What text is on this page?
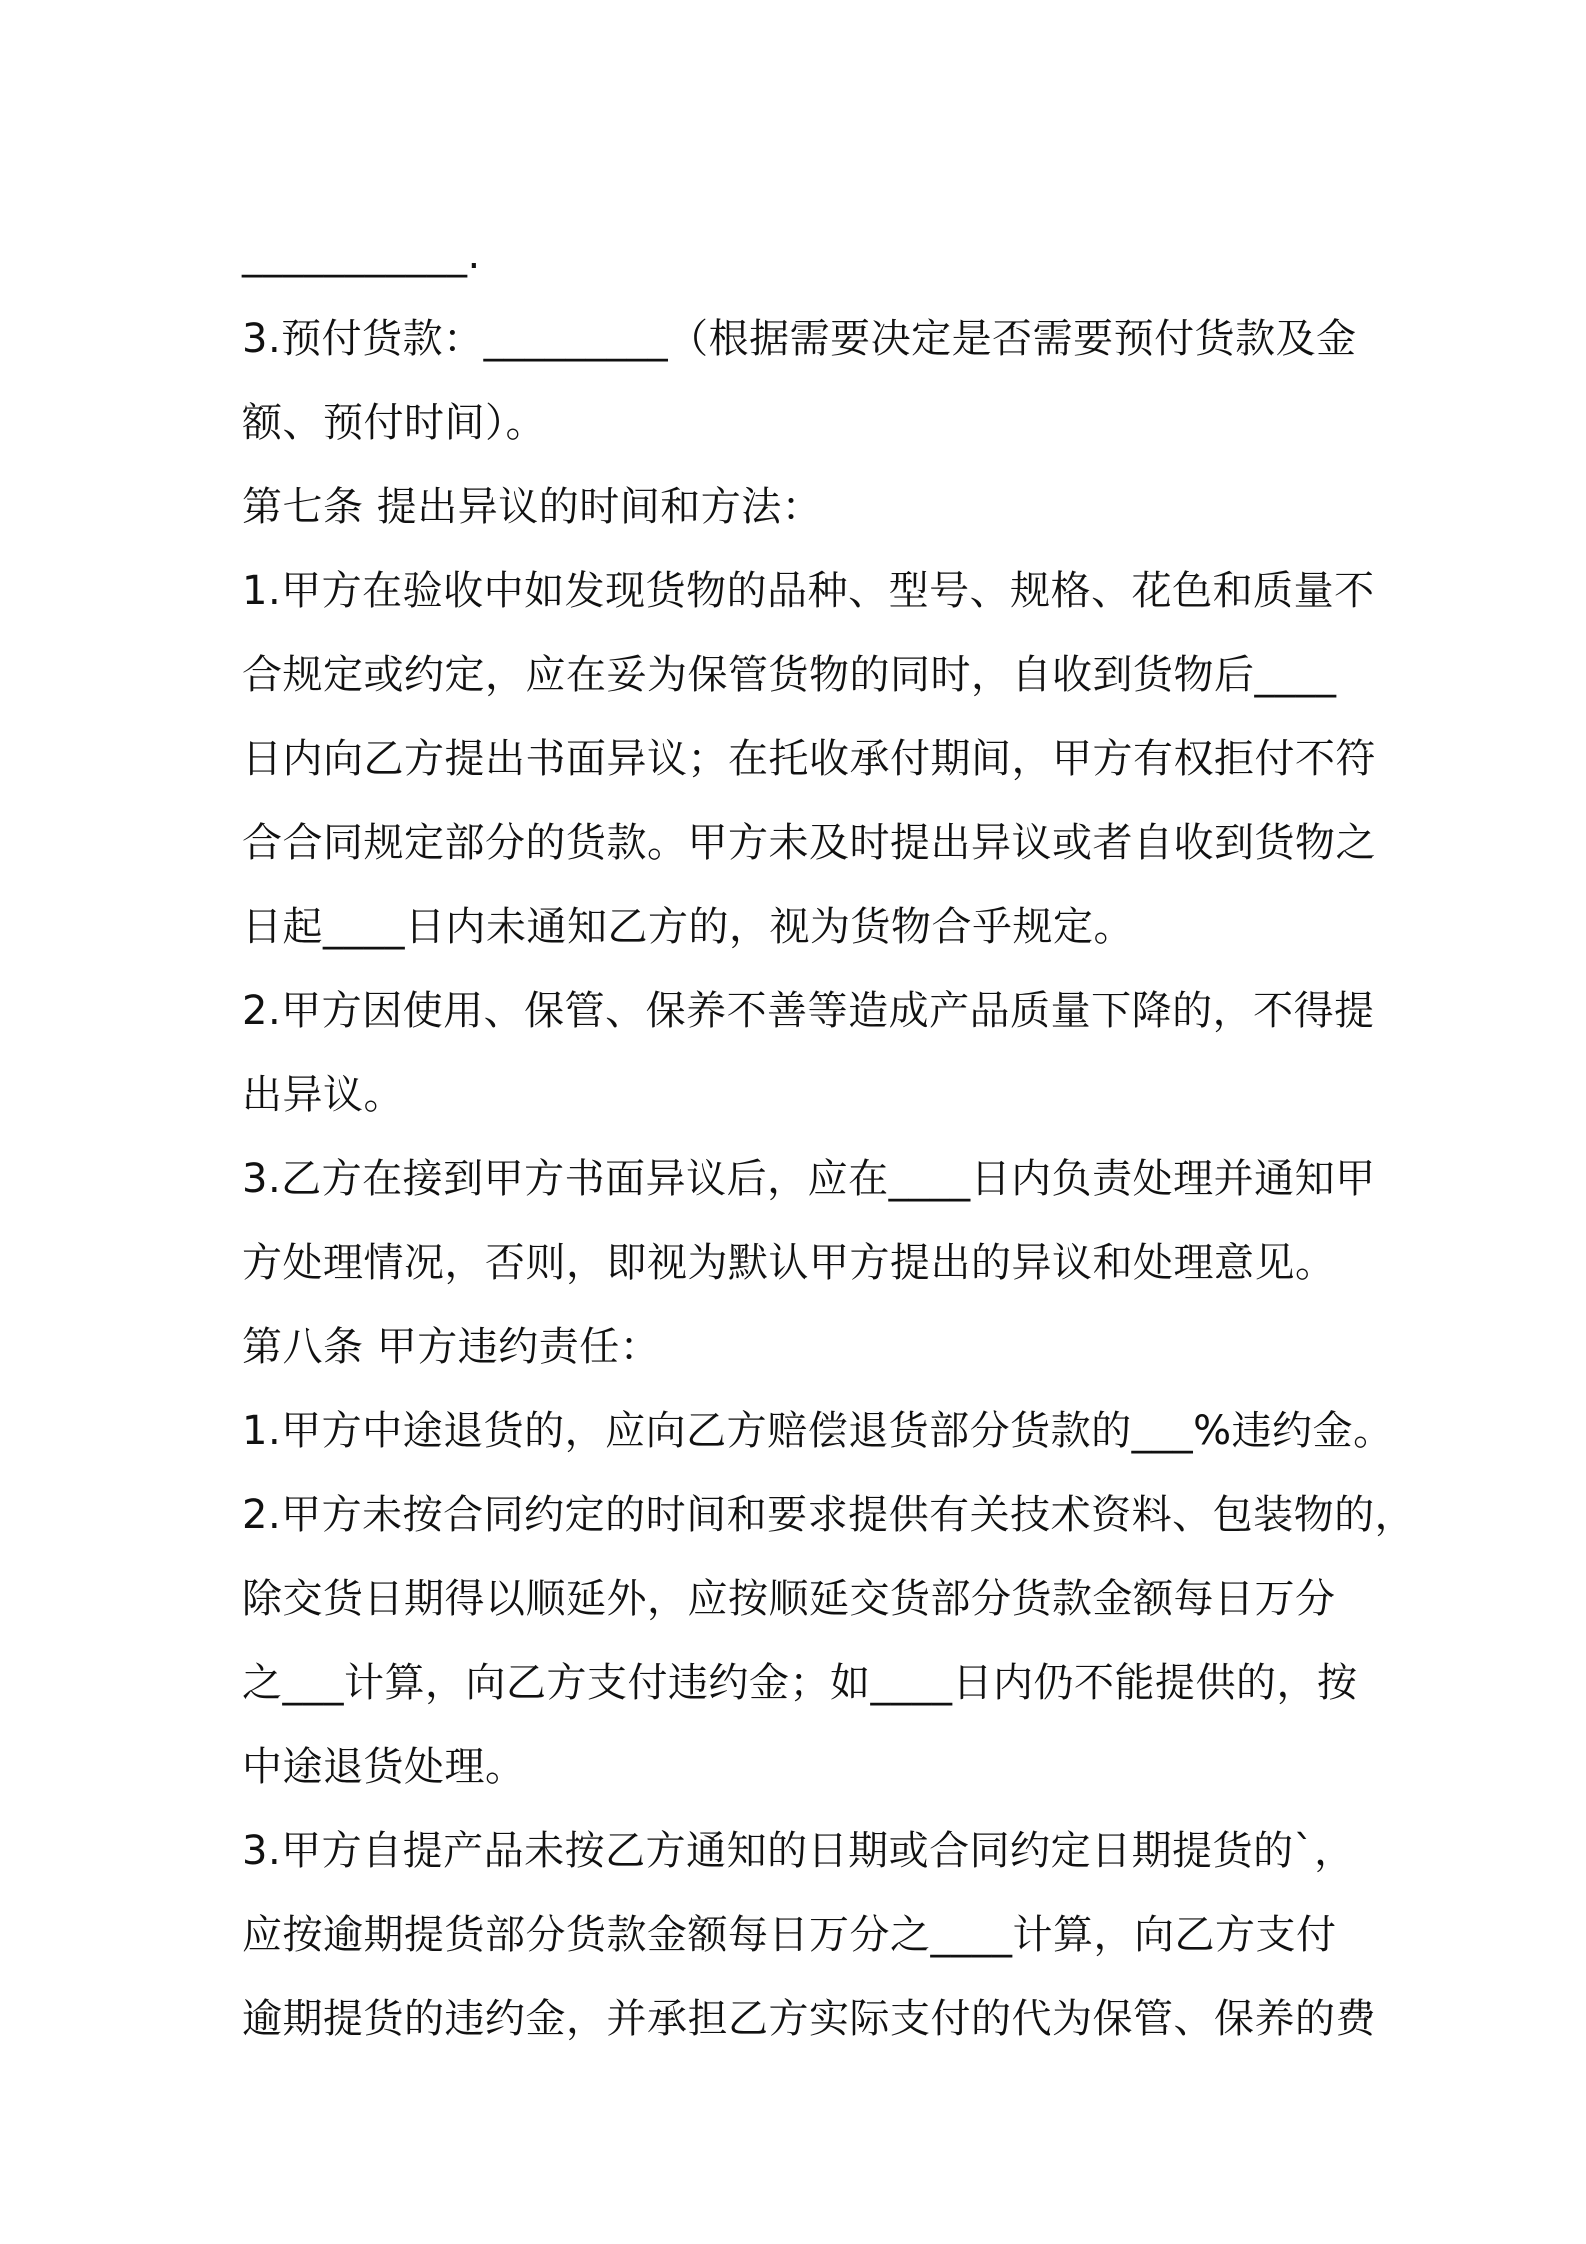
___________.
3.预付货款：_________（根据需要决定是否需要预付货款及金
额、预付时间）。
第七条 提出异议的时间和方法：
1.甲方在验收中如发现货物的品种、型号、规格、花色和质量不
合规定或约定，应在妥为保管货物的同时，自收到货物后____
日内向乙方提出书面异议；在托收承付期间，甲方有权拒付不符
合合同规定部分的货款。甲方未及时提出异议或者自收到货物之
日起____日内未通知乙方的，视为货物合乎规定。
2.甲方因使用、保管、保养不善等造成产品质量下降的，不得提
出异议。
3.乙方在接到甲方书面异议后，应在____日内负责处理并通知甲
方处理情况，否则，即视为默认甲方提出的异议和处理意见。
第八条 甲方违约责任：
1.甲方中途退货的，应向乙方赔偿退货部分货款的___%违约金。
2.甲方未按合同约定的时间和要求提供有关技术资料、包装物的，
除交货日期得以顺延外，应按顺延交货部分货款金额每日万分
之___计算，向乙方支付违约金；如____日内仍不能提供的，按
中途退货处理。
3.甲方自提产品未按乙方通知的日期或合同约定日期提货的`，
应按逾期提货部分货款金额每日万分之____计算，向乙方支付
逾期提货的违约金，并承担乙方实际支付的代为保管、保养的费
